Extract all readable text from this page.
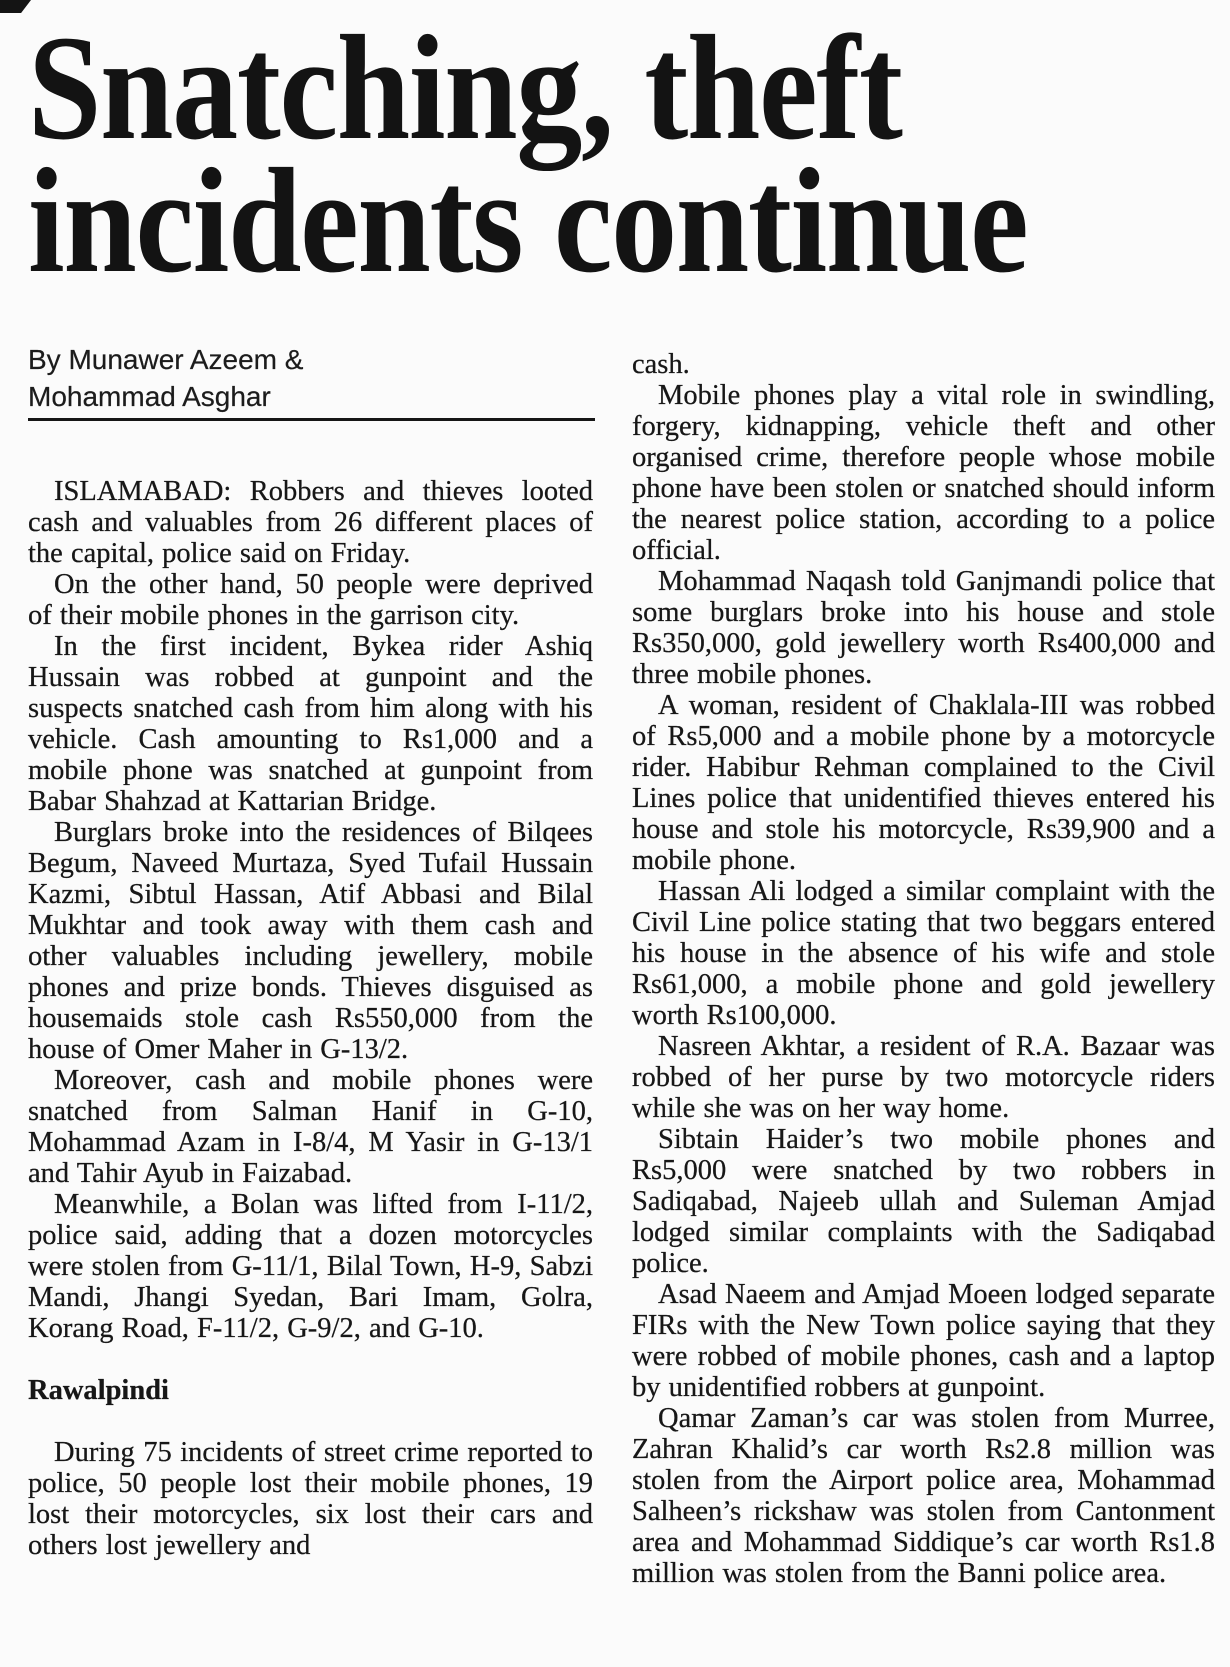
Snatching, theft
incidents continue
By Munawer Azeem &
Mohammad Asghar

ISLAMABAD: Robbers and thieves looted cash and valuables from 26 different places of the capital, police said on Friday.

On the other hand, 50 people were deprived of their mobile phones in the garrison city.

In the first incident, Bykea rider Ashiq Hussain was robbed at gunpoint and the suspects snatched cash from him along with his vehicle. Cash amounting to Rs1,000 and a mobile phone was snatched at gunpoint from Babar Shahzad at Kattarian Bridge.

Burglars broke into the residences of Bilqees Begum, Naveed Murtaza, Syed Tufail Hussain Kazmi, Sibtul Hassan, Atif Abbasi and Bilal Mukhtar and took away with them cash and other valuables including jewellery, mobile phones and prize bonds. Thieves disguised as housemaids stole cash Rs550,000 from the house of Omer Maher in G-13/2.

Moreover, cash and mobile phones were snatched from Salman Hanif in G-10, Mohammad Azam in I-8/4, M Yasir in G-13/1 and Tahir Ayub in Faizabad.

Meanwhile, a Bolan was lifted from I-11/2, police said, adding that a dozen motorcycles were stolen from G-11/1, Bilal Town, H-9, Sabzi Mandi, Jhangi Syedan, Bari Imam, Golra, Korang Road, F-11/2, G-9/2, and G-10.

Rawalpindi

During 75 incidents of street crime reported to police, 50 people lost their mobile phones, 19 lost their motorcycles, six lost their cars and others lost jewellery and

cash.

Mobile phones play a vital role in swindling, forgery, kidnapping, vehicle theft and other organised crime, therefore people whose mobile phone have been stolen or snatched should inform the nearest police station, according to a police official.

Mohammad Naqash told Ganjmandi police that some burglars broke into his house and stole Rs350,000, gold jewellery worth Rs400,000 and three mobile phones.

A woman, resident of Chaklala-III was robbed of Rs5,000 and a mobile phone by a motorcycle rider. Habibur Rehman complained to the Civil Lines police that unidentified thieves entered his house and stole his motorcycle, Rs39,900 and a mobile phone.

Hassan Ali lodged a similar complaint with the Civil Line police stating that two beggars entered his house in the absence of his wife and stole Rs61,000, a mobile phone and gold jewellery worth Rs100,000.

Nasreen Akhtar, a resident of R.A. Bazaar was robbed of her purse by two motorcycle riders while she was on her way home.

Sibtain Haider’s two mobile phones and Rs5,000 were snatched by two robbers in Sadiqabad, Najeeb ullah and Suleman Amjad lodged similar complaints with the Sadiqabad police.

Asad Naeem and Amjad Moeen lodged separate FIRs with the New Town police saying that they were robbed of mobile phones, cash and a laptop by unidentified robbers at gunpoint.

Qamar Zaman’s car was stolen from Murree, Zahran Khalid’s car worth Rs2.8 million was stolen from the Airport police area, Mohammad Salheen’s rickshaw was stolen from Cantonment area and Mohammad Siddique’s car worth Rs1.8 million was stolen from the Banni police area.
